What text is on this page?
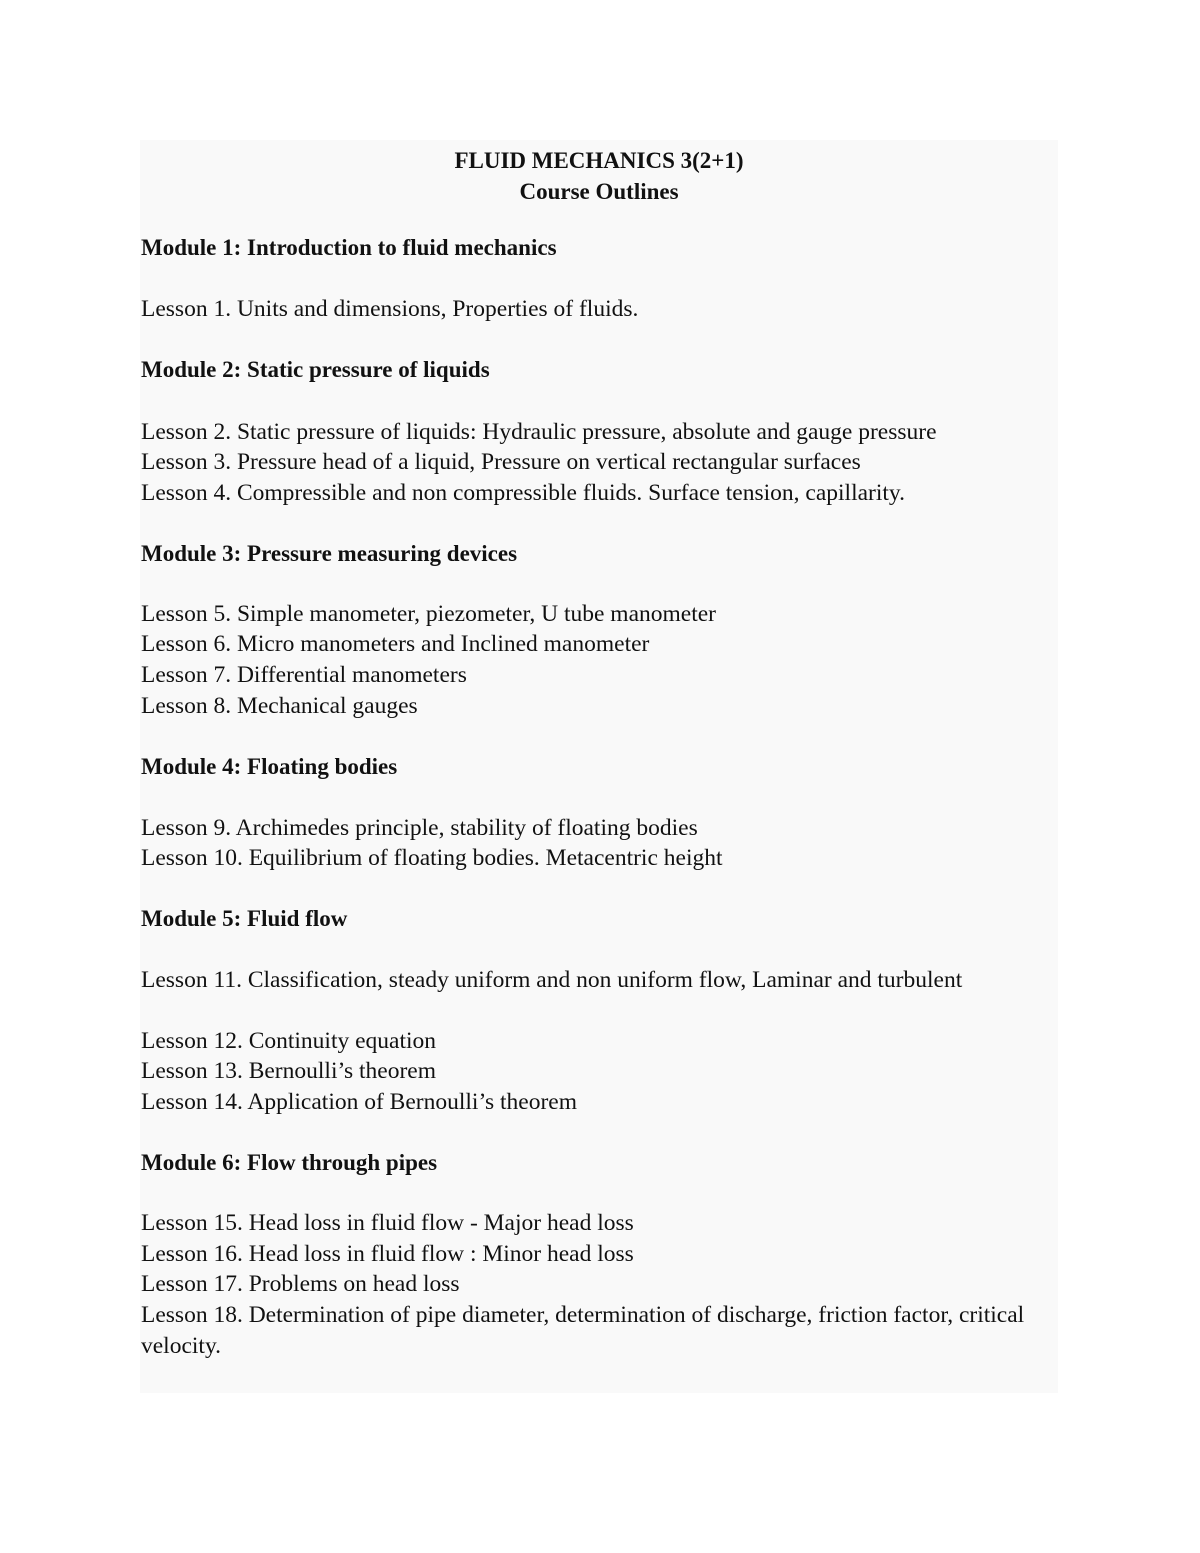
FLUID MECHANICS 3(2+1)
Course Outlines
Module 1: Introduction to fluid mechanics
Lesson 1. Units and dimensions, Properties of fluids.
Module 2: Static pressure of liquids
Lesson 2. Static pressure of liquids: Hydraulic pressure, absolute and gauge pressure
Lesson 3. Pressure head of a liquid, Pressure on vertical rectangular surfaces
Lesson 4. Compressible and non compressible fluids. Surface tension, capillarity.
Module 3: Pressure measuring devices
Lesson 5. Simple manometer, piezometer, U tube manometer
Lesson 6. Micro manometers and Inclined manometer
Lesson 7. Differential manometers
Lesson 8. Mechanical gauges
Module 4: Floating bodies
Lesson 9. Archimedes principle, stability of floating bodies
Lesson 10. Equilibrium of floating bodies. Metacentric height
Module 5: Fluid flow
Lesson 11. Classification, steady uniform and non uniform flow, Laminar and turbulent
Lesson 12. Continuity equation
Lesson 13. Bernoulli’s theorem
Lesson 14. Application of Bernoulli’s theorem
Module 6: Flow through pipes
Lesson 15. Head loss in fluid flow - Major head loss
Lesson 16. Head loss in fluid flow : Minor head loss
Lesson 17. Problems on head loss
Lesson 18. Determination of pipe diameter, determination of discharge, friction factor, critical velocity.
